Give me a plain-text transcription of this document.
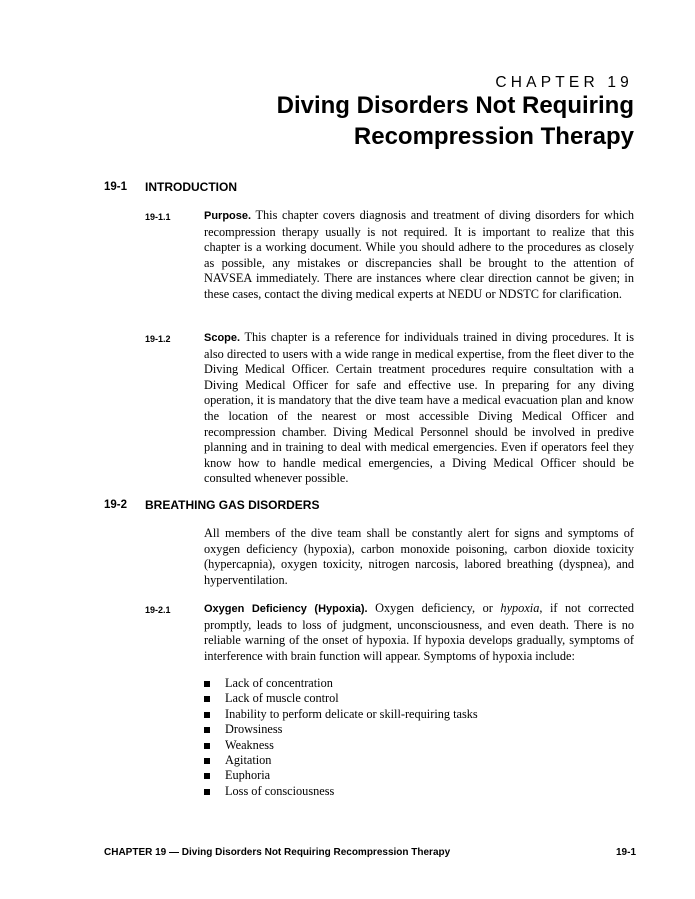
CHAPTER 19
Diving Disorders Not Requiring
Recompression Therapy
19-1 INTRODUCTION
19-1.1	Purpose. This chapter covers diagnosis and treatment of diving disorders for which recompression therapy usually is not required. It is important to realize that this chapter is a working document. While you should adhere to the procedures as closely as possible, any mistakes or discrepancies shall be brought to the attention of NAVSEA immediately. There are instances where clear direction cannot be given; in these cases, contact the diving medical experts at NEDU or NDSTC for clarification.
19-1.2	Scope. This chapter is a reference for individuals trained in diving procedures. It is also directed to users with a wide range in medical expertise, from the fleet diver to the Diving Medical Officer. Certain treatment procedures require consultation with a Diving Medical Officer for safe and effective use. In preparing for any diving operation, it is mandatory that the dive team have a medical evacuation plan and know the location of the nearest or most accessible Diving Medical Officer and recompression chamber. Diving Medical Personnel should be involved in predive planning and in training to deal with medical emergencies. Even if operators feel they know how to handle medical emergencies, a Diving Medical Officer should be consulted whenever possible.
19-2 BREATHING GAS DISORDERS
All members of the dive team shall be constantly alert for signs and symptoms of oxygen deficiency (hypoxia), carbon monoxide poisoning, carbon dioxide toxicity (hypercapnia), oxygen toxicity, nitrogen narcosis, labored breathing (dyspnea), and hyperventilation.
19-2.1	Oxygen Deficiency (Hypoxia). Oxygen deficiency, or hypoxia, if not corrected promptly, leads to loss of judgment, unconsciousness, and even death. There is no reliable warning of the onset of hypoxia. If hypoxia develops gradually, symptoms of interference with brain function will appear. Symptoms of hypoxia include:
Lack of concentration
Lack of muscle control
Inability to perform delicate or skill-requiring tasks
Drowsiness
Weakness
Agitation
Euphoria
Loss of consciousness
CHAPTER 19 — Diving Disorders Not Requiring Recompression Therapy	19-1
